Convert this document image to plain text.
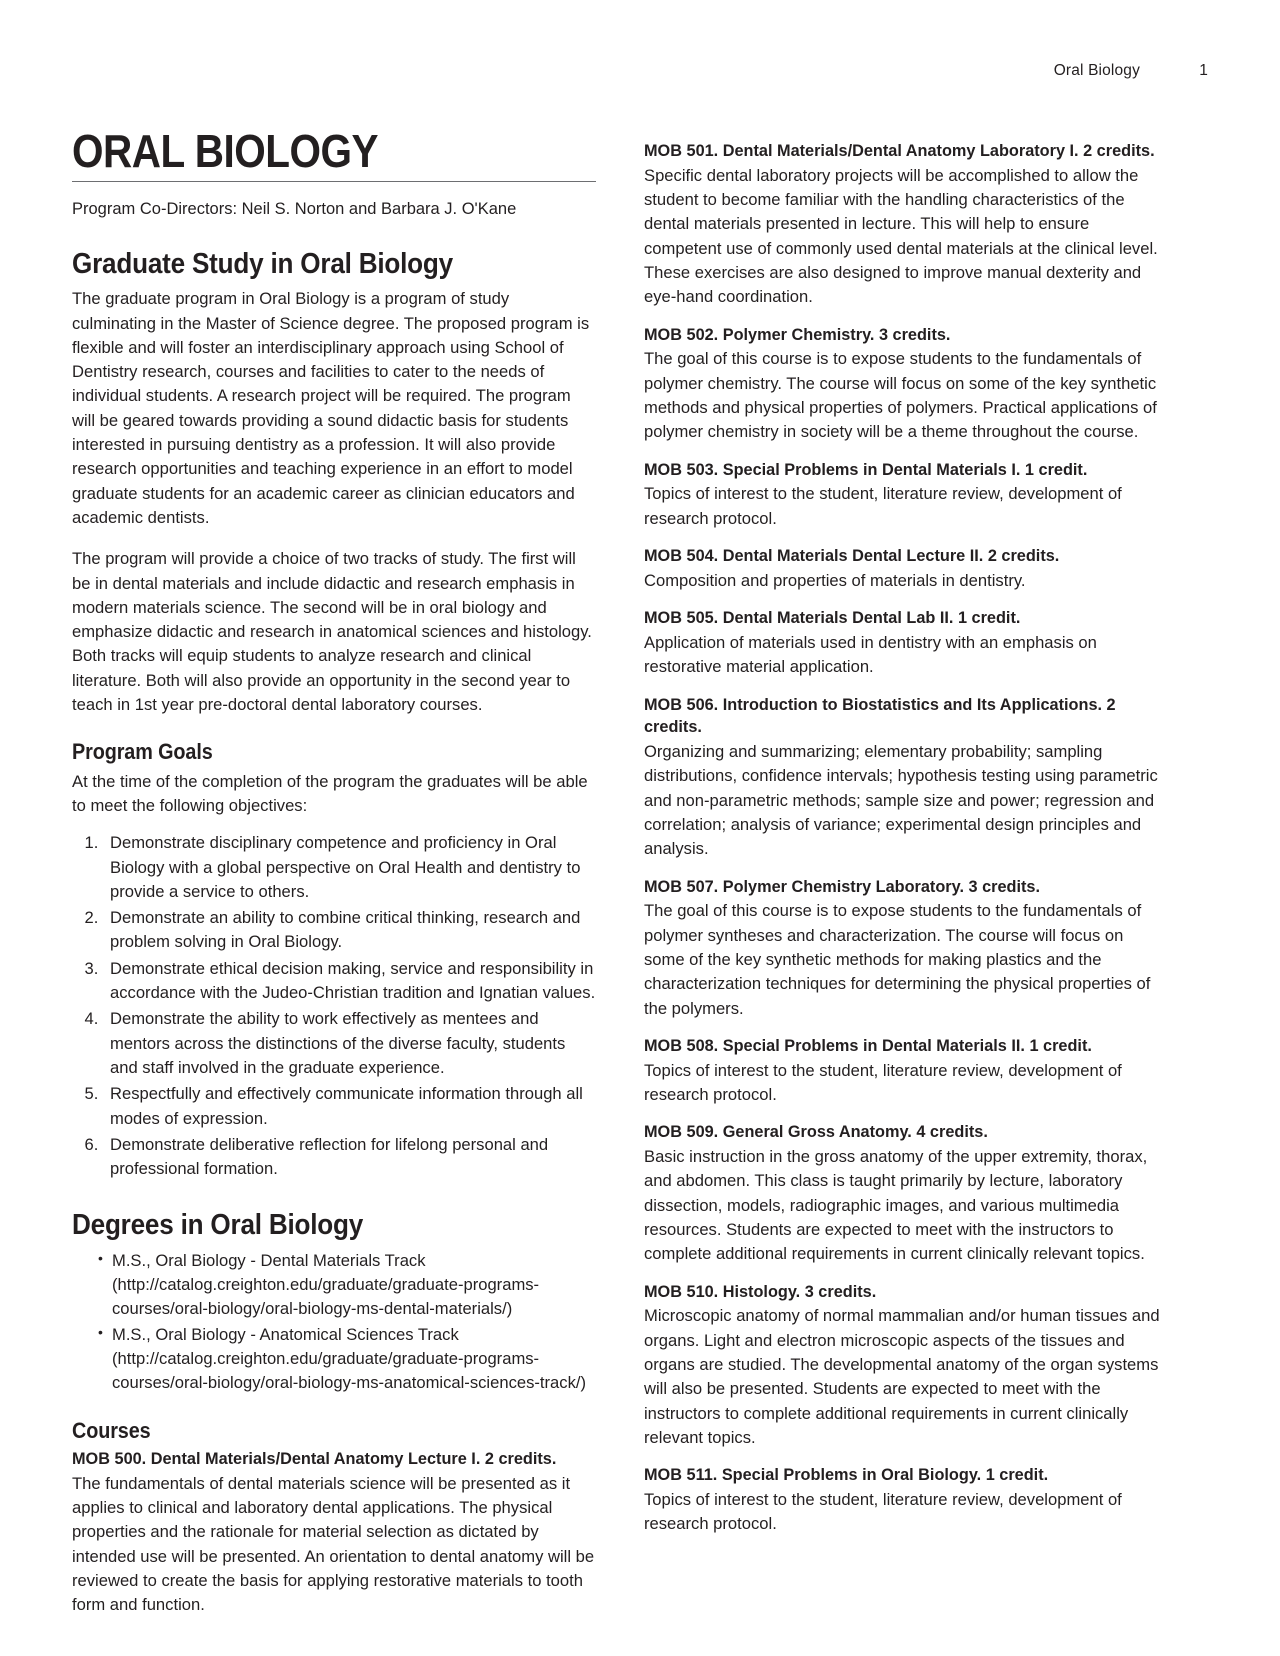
Oral Biology	1
ORAL BIOLOGY

Program Co-Directors: Neil S. Norton and Barbara J. O'Kane

Graduate Study in Oral Biology

The graduate program in Oral Biology is a program of study culminating in the Master of Science degree. The proposed program is flexible and will foster an interdisciplinary approach using School of Dentistry research, courses and facilities to cater to the needs of individual students. A research project will be required. The program will be geared towards providing a sound didactic basis for students interested in pursuing dentistry as a profession. It will also provide research opportunities and teaching experience in an effort to model graduate students for an academic career as clinician educators and academic dentists.

The program will provide a choice of two tracks of study. The first will be in dental materials and include didactic and research emphasis in modern materials science. The second will be in oral biology and emphasize didactic and research in anatomical sciences and histology. Both tracks will equip students to analyze research and clinical literature. Both will also provide an opportunity in the second year to teach in 1st year pre-doctoral dental laboratory courses.

Program Goals

At the time of the completion of the program the graduates will be able to meet the following objectives:

1. Demonstrate disciplinary competence and proficiency in Oral Biology with a global perspective on Oral Health and dentistry to provide a service to others.
2. Demonstrate an ability to combine critical thinking, research and problem solving in Oral Biology.
3. Demonstrate ethical decision making, service and responsibility in accordance with the Judeo-Christian tradition and Ignatian values.
4. Demonstrate the ability to work effectively as mentees and mentors across the distinctions of the diverse faculty, students and staff involved in the graduate experience.
5. Respectfully and effectively communicate information through all modes of expression.
6. Demonstrate deliberative reflection for lifelong personal and professional formation.
Degrees in Oral Biology
• M.S., Oral Biology - Dental Materials Track (http://catalog.creighton.edu/graduate/graduate-programs-courses/oral-biology/oral-biology-ms-dental-materials/)
• M.S., Oral Biology - Anatomical Sciences Track (http://catalog.creighton.edu/graduate/graduate-programs-courses/oral-biology/oral-biology-ms-anatomical-sciences-track/)
Courses

MOB 500. Dental Materials/Dental Anatomy Lecture I. 2 credits.

The fundamentals of dental materials science will be presented as it applies to clinical and laboratory dental applications. The physical properties and the rationale for material selection as dictated by intended use will be presented. An orientation to dental anatomy will be reviewed to create the basis for applying restorative materials to tooth form and function.

MOB 501. Dental Materials/Dental Anatomy Laboratory I. 2 credits.

Specific dental laboratory projects will be accomplished to allow the student to become familiar with the handling characteristics of the dental materials presented in lecture. This will help to ensure competent use of commonly used dental materials at the clinical level. These exercises are also designed to improve manual dexterity and eye-hand coordination.

MOB 502. Polymer Chemistry. 3 credits.

The goal of this course is to expose students to the fundamentals of polymer chemistry. The course will focus on some of the key synthetic methods and physical properties of polymers. Practical applications of polymer chemistry in society will be a theme throughout the course.

MOB 503. Special Problems in Dental Materials I. 1 credit.

Topics of interest to the student, literature review, development of research protocol.

MOB 504. Dental Materials Dental Lecture II. 2 credits.

Composition and properties of materials in dentistry.

MOB 505. Dental Materials Dental Lab II. 1 credit.

Application of materials used in dentistry with an emphasis on restorative material application.

MOB 506. Introduction to Biostatistics and Its Applications. 2 credits.

Organizing and summarizing; elementary probability; sampling distributions, confidence intervals; hypothesis testing using parametric and non-parametric methods; sample size and power; regression and correlation; analysis of variance; experimental design principles and analysis.

MOB 507. Polymer Chemistry Laboratory. 3 credits.

The goal of this course is to expose students to the fundamentals of polymer syntheses and characterization. The course will focus on some of the key synthetic methods for making plastics and the characterization techniques for determining the physical properties of the polymers.

MOB 508. Special Problems in Dental Materials II. 1 credit.

Topics of interest to the student, literature review, development of research protocol.

MOB 509. General Gross Anatomy. 4 credits.

Basic instruction in the gross anatomy of the upper extremity, thorax, and abdomen. This class is taught primarily by lecture, laboratory dissection, models, radiographic images, and various multimedia resources. Students are expected to meet with the instructors to complete additional requirements in current clinically relevant topics.

MOB 510. Histology. 3 credits.

Microscopic anatomy of normal mammalian and/or human tissues and organs. Light and electron microscopic aspects of the tissues and organs are studied. The developmental anatomy of the organ systems will also be presented. Students are expected to meet with the instructors to complete additional requirements in current clinically relevant topics.

MOB 511. Special Problems in Oral Biology. 1 credit.

Topics of interest to the student, literature review, development of research protocol.
